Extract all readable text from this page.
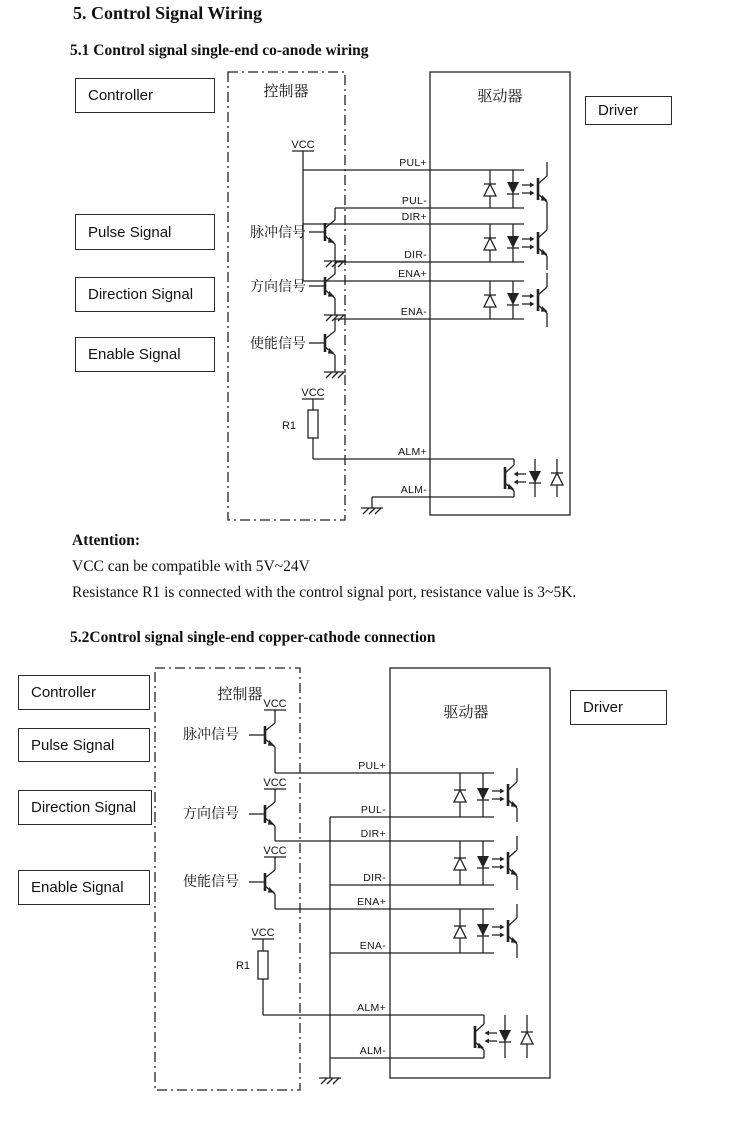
5. Control Signal Wiring
5.1 Control signal single-end co-anode wiring
Controller
Pulse Signal
Direction Signal
Enable Signal
Driver
控制器	驱动器
VCC
脉冲信号
方向信号
使能信号
VCC
R1
PUL+
PUL-
DIR+
DIR-
ENA+
ENA-
ALM+
ALM-
Attention:
VCC can be compatible with 5V~24V
Resistance R1 is connected with the control signal port, resistance value is 3~5K.
5.2Control signal single-end copper-cathode connection
Controller
Pulse Signal
Direction Signal
Enable Signal
Driver
控制器
驱动器
VCC
脉冲信号
VCC
方向信号
VCC
使能信号
VCC
R1
PUL+
PUL-
DIR+
DIR-
ENA+
ENA-
ALM+
ALM-
